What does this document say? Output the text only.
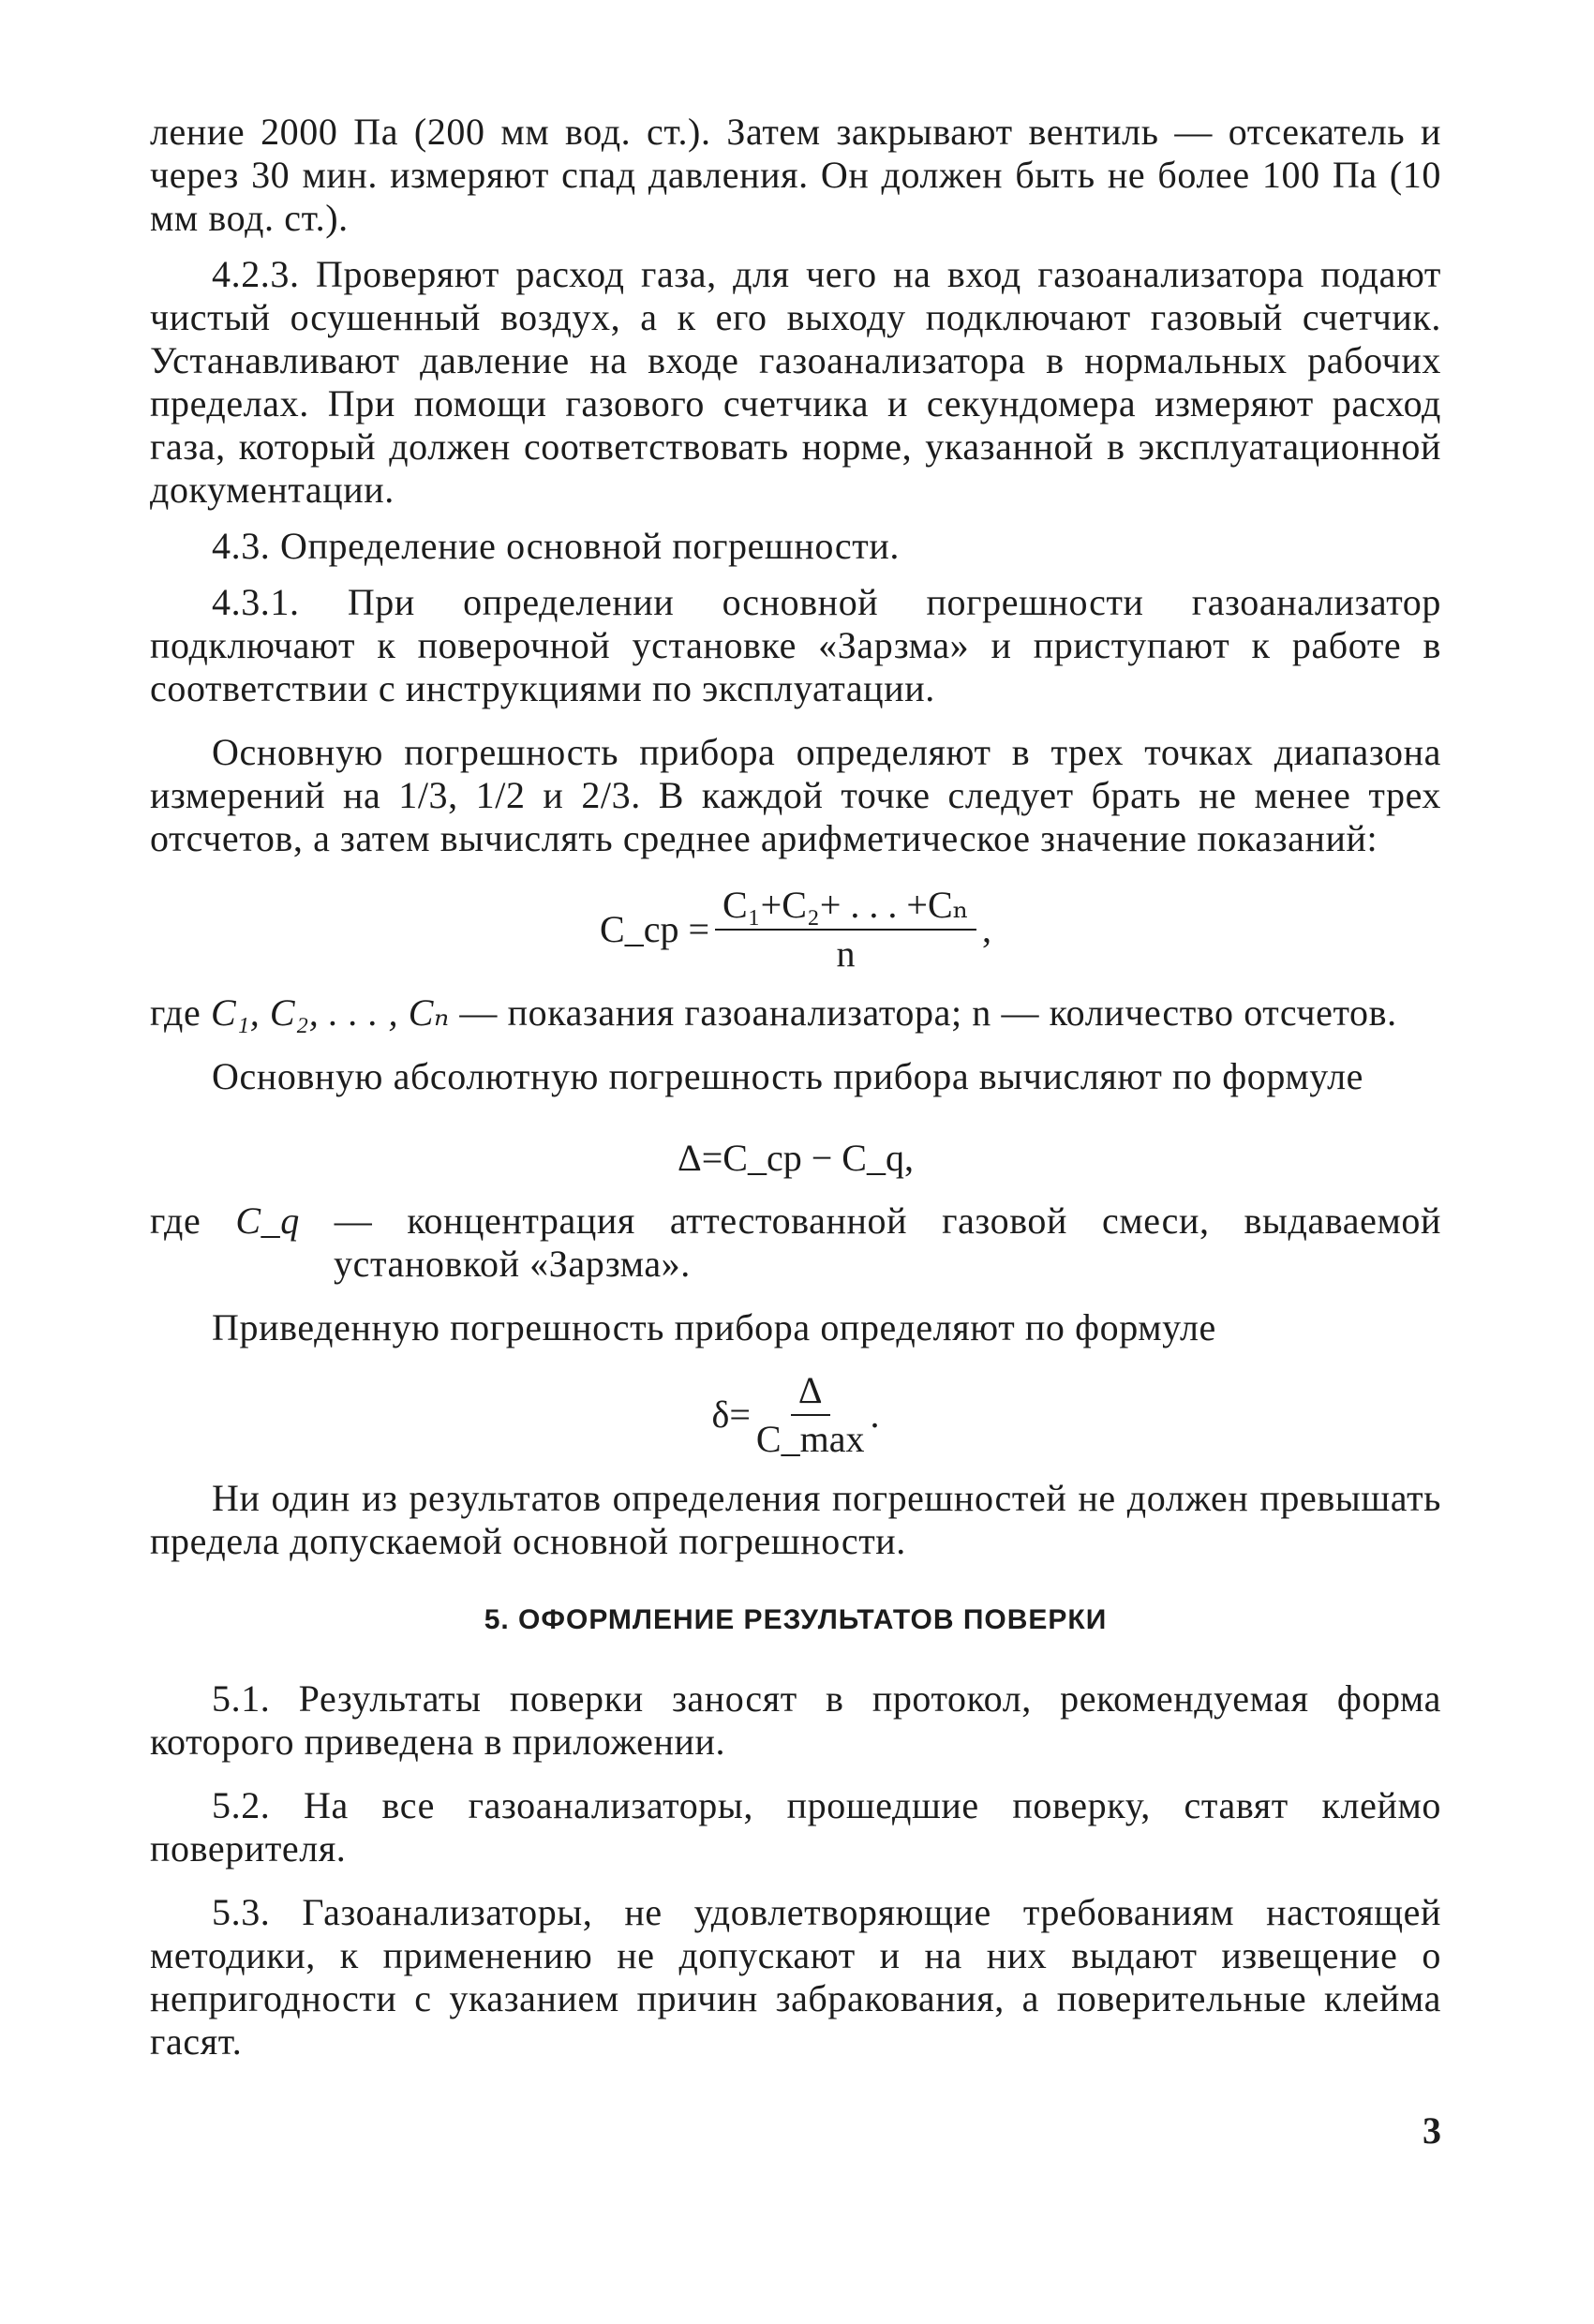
ление 2000 Па (200 мм вод. ст.). Затем закрывают вентиль — отсекатель и через 30 мин. измеряют спад давления. Он должен быть не более 100 Па (10 мм вод. ст.).

4.2.3. Проверяют расход газа, для чего на вход газоанализатора подают чистый осушенный воздух, а к его выходу подключают газовый счетчик. Устанавливают давление на входе газоанализатора в нормальных рабочих пределах. При помощи газового счетчика и секундомера измеряют расход газа, который должен соответствовать норме, указанной в эксплуатационной документации.

4.3. Определение основной погрешности.

4.3.1. При определении основной погрешности газоанализатор подключают к поверочной установке «Зарзма» и приступают к работе в соответствии с инструкциями по эксплуатации.

Основную погрешность прибора определяют в трех точках диапазона измерений на 1/3, 1/2 и 2/3. В каждой точке следует брать не менее трех отсчетов, а затем вычислять среднее арифметическое значение показаний:

C_ср = $\frac{\text{C₁+C₂+ . . . +Cₙ}}{n}$ ,

где C₁, C₂, . . . , Cₙ — показания газоанализатора; n — количество отсчетов.

Основную абсолютную погрешность прибора вычисляют по формуле

Δ=C_ср − C_q,

где C_q — концентрация аттестованной газовой смеси, выдаваемой установкой «Зарзма».

Приведенную погрешность прибора определяют по формуле

$\delta= \frac{\Delta}{C\_\max}$ .

Ни один из результатов определения погрешностей не должен превышать предела допускаемой основной погрешности.

5. ОФОРМЛЕНИЕ РЕЗУЛЬТАТОВ ПОВЕРКИ

5.1. Результаты поверки заносят в протокол, рекомендуемая форма которого приведена в приложении.

5.2. На все газоанализаторы, прошедшие поверку, ставят клеймо поверителя.

5.3. Газоанализаторы, не удовлетворяющие требованиям настоящей методики, к применению не допускают и на них выдают извещение о непригодности с указанием причин забракования, а поверительные клейма гасят.

3
